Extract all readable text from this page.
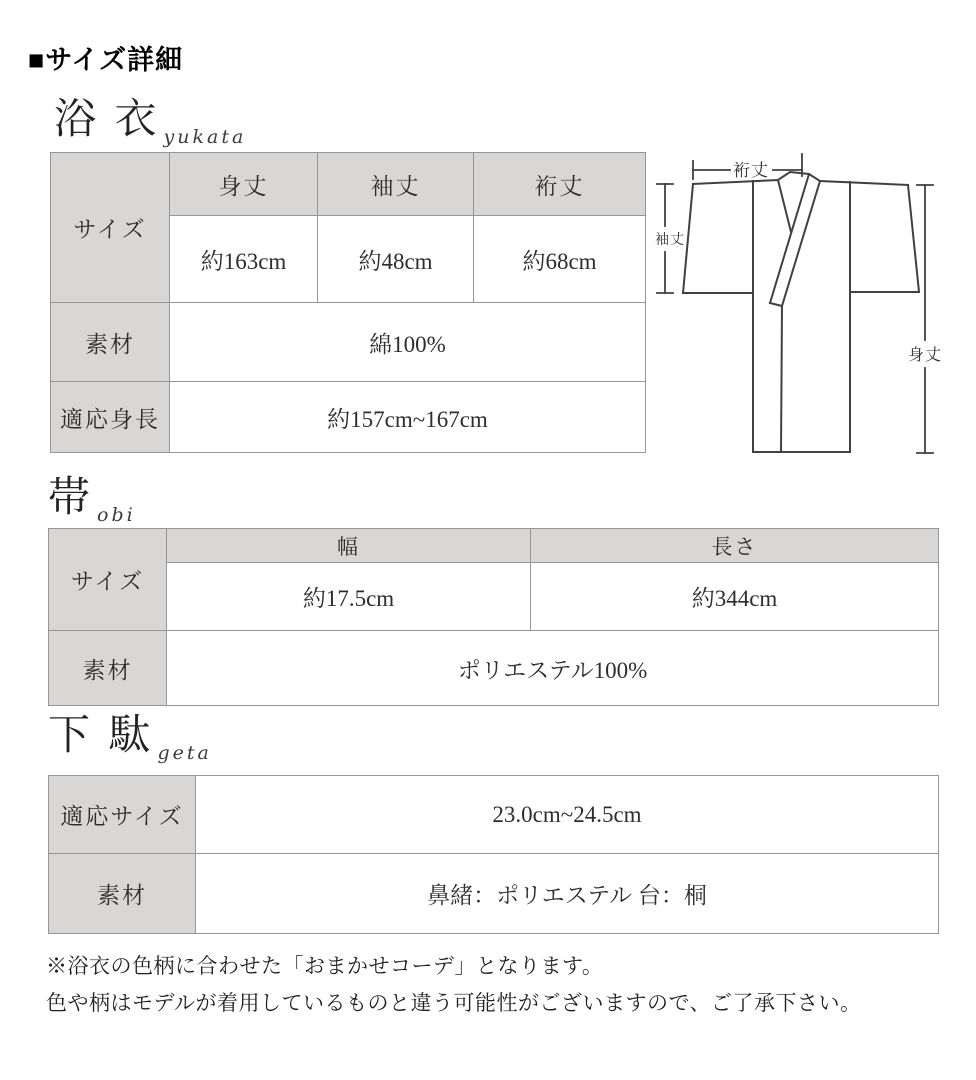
■サイズ詳細
浴 衣 yukata
サイズ	身丈	袖丈	裄丈
	約163cm	約48cm	約68cm
素材	綿100%		
適応身長	約157cm~167cm		
裄丈
袖丈
身丈
帯obi
サイズ	幅	長さ
	約17.5cm	約344cm
素材	ポリエステル100%	
下 駄 geta
適応サイズ	23.0cm~24.5cm
素材	鼻緒：ポリエステル 台：桐
※浴衣の色柄に合わせた「おまかせコーデ」となります。
色や柄はモデルが着用しているものと違う可能性がございますので、ご了承下さい。
